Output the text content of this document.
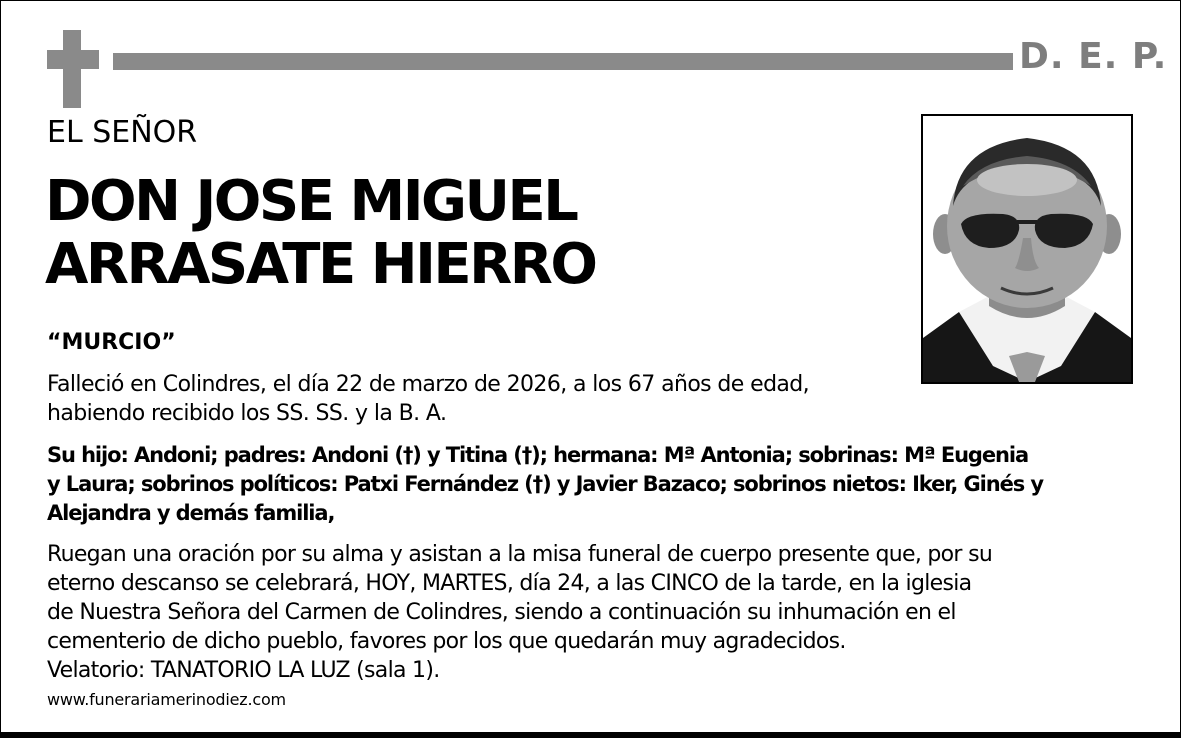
D. E. P.
EL SEÑOR
DON JOSE MIGUEL
ARRASATE HIERRO
“MURCIO”
Falleció en Colindres, el día 22 de marzo de 2026, a los 67 años de edad,
habiendo recibido los SS. SS. y la B. A.
Su hijo: Andoni; padres: Andoni (†) y Titina (†); hermana: Mª Antonia; sobrinas: Mª Eugenia
y Laura; sobrinos políticos: Patxi Fernández (†) y Javier Bazaco; sobrinos nietos: Iker, Ginés y
Alejandra y demás familia,
Ruegan una oración por su alma y asistan a la misa funeral de cuerpo presente que, por su
eterno descanso se celebrará, HOY, MARTES, día 24, a las CINCO de la tarde, en la iglesia
de Nuestra Señora del Carmen de Colindres, siendo a continuación su inhumación en el
cementerio de dicho pueblo, favores por los que quedarán muy agradecidos.
Velatorio: TANATORIO LA LUZ (sala 1).
www.funerariamerinodiez.com
